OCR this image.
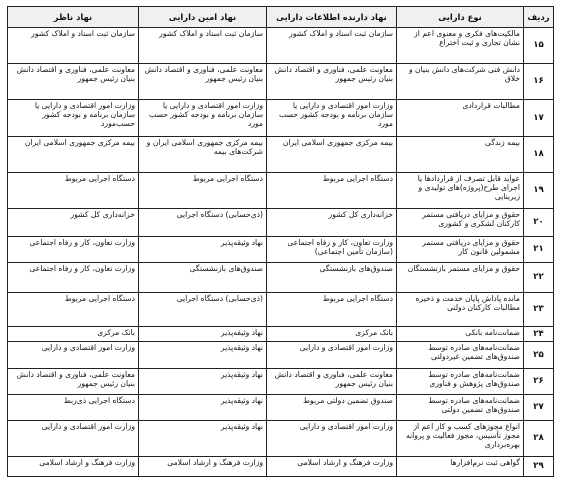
ردیف	نوع دارایی	نهاد دارنده اطلاعات دارایی	نهاد امین دارایی	نهاد ناظر
۱۵	مالکیت‌های فکری و معنوی اعم از نشان تجاری و ثبت اختراع	سازمان ثبت اسناد و املاک کشور	سازمان ثبت اسناد و املاک کشور	سازمان ثبت اسناد و املاک کشور
۱۶	دانش فنی شرکت‌های دانش بنیان و خلاق	معاونت علمی، فناوری و اقتصاد دانش بنیان رئیس جمهور	معاونت علمی، فناوری و اقتصاد دانش بنیان رئیس جمهور	معاونت علمی، فناوری و اقتصاد دانش بنیان رئیس جمهور
۱۷	مطالبات قراردادی	وزارت امور اقتصادی و دارایی یا سازمان برنامه و بودجه کشور حسب مورد	وزارت امور اقتصادی و دارایی یا سازمان برنامه و بودجه کشور حسب مورد	وزارت امور اقتصادی و دارایی یا سازمان برنامه و بودجه کشور حسب‌مورد
۱۸	بیمه زندگی	بیمه مرکزی جمهوری اسلامی ایران	بیمه مرکزی جمهوری اسلامی ایران و شرکت‌های بیمه	بیمه مرکزی جمهوری اسلامی ایران
۱۹	عواید قابل تصرف از قراردادها یا اجرای طرح(پروژه)های تولیدی و زیربنایی	دستگاه اجرایی مربوط	دستگاه اجرایی مربوط	دستگاه اجرایی مربوط
۲۰	حقوق و مزایای دریافتی مستمر کارکنان لشکری و کشوری	خزانه‌داری کل کشور	(ذی‌حسابی) دستگاه اجرایی	خزانه‌داری کل کشور
۲۱	حقوق و مزایای دریافتی مستمر مشمولین قانون کار	وزارت تعاون، کار و رفاه اجتماعی (سازمان تأمین اجتماعی)	نهاد وثیقه‌پذیر	وزارت تعاون، کار و رفاه اجتماعی
۲۲	حقوق و مزایای مستمر بازنشستگان	صندوق‌های بازنشستگی	صندوق‌های بازنشستگی	وزارت تعاون، کار و رفاه اجتماعی
۲۳	مانده پاداش پایان خدمت و ذخیره مطالبات کارکنان دولتی	دستگاه اجرایی مربوط	(ذی‌حسابی) دستگاه اجرایی	دستگاه اجرایی مربوط
۲۴	ضمانت‌نامه بانکی	بانک مرکزی	نهاد وثیقه‌پذیر	بانک مرکزی
۲۵	ضمانت‌نامه‌های صادره توسط صندوق‌های تضمین غیردولتی	وزارت امور اقتصادی و دارایی	نهاد وثیقه‌پذیر	وزارت امور اقتصادی و دارایی
۲۶	ضمانت‌نامه‌های صادره توسط صندوق‌های پژوهش و فناوری	معاونت علمی، فناوری و اقتصاد دانش بنیان رئیس جمهور	نهاد وثیقه‌پذیر	معاونت علمی، فناوری و اقتصاد دانش بنیان رئیس جمهور
۲۷	ضمانت‌نامه‌های صادره توسط صندوق‌های تضمین دولتی	صندوق تضمین دولتی مربوط	نهاد وثیقه‌پذیر	دستگاه اجرایی ذی‌ربط
۲۸	انواع مجوزهای کسب و کار اعم از مجوز تأسیس، مجوز فعالیت و پروانه بهره‌برداری	وزارت امور اقتصادی و دارایی	نهاد وثیقه‌پذیر	وزارت امور اقتصادی و دارایی
۲۹	گواهی ثبت نرم‌افزارها	وزارت فرهنگ و ارشاد اسلامی	وزارت فرهنگ و ارشاد اسلامی	وزارت فرهنگ و ارشاد اسلامی
